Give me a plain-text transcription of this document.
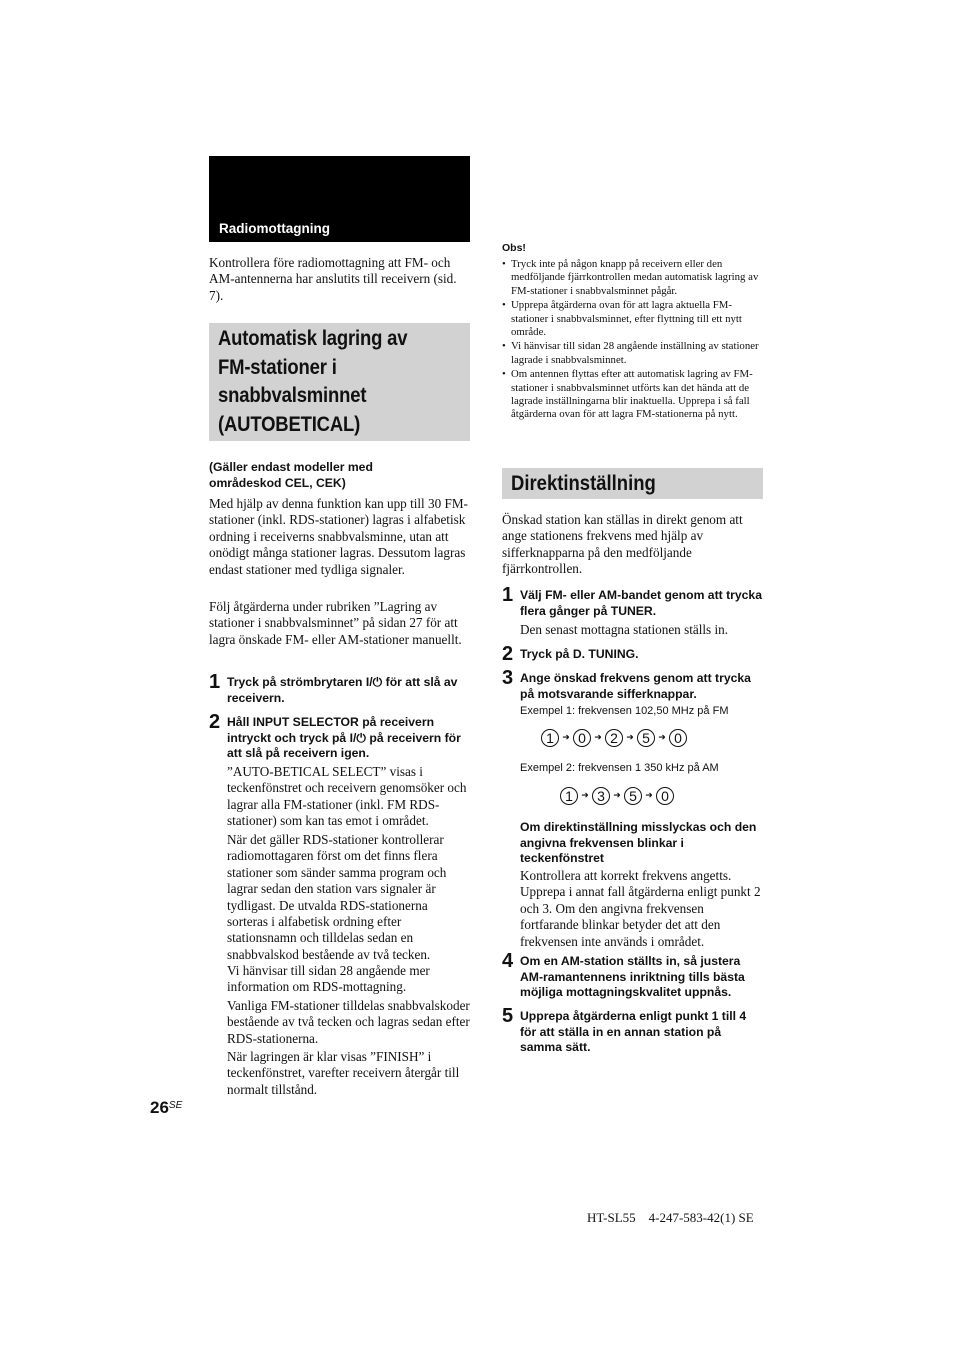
Radiomottagning

Kontrollera före radiomottagning att FM- och AM-antennerna har anslutits till receivern (sid. 7).

Automatisk lagring av
FM-stationer i
snabbvalsminnet
(AUTOBETICAL)
(Gäller endast modeller med
områdeskod CEL, CEK)

Med hjälp av denna funktion kan upp till 30 FM-stationer (inkl. RDS-stationer) lagras i alfabetisk ordning i receiverns snabbvalsminne, utan att onödigt många stationer lagras. Dessutom lagras endast stationer med tydliga signaler.

Följ åtgärderna under rubriken ”Lagring av stationer i snabbvalsminnet” på sidan 27 för att lagra önskade FM- eller AM-stationer manuellt.

1 Tryck på strömbrytaren I/⏻ för att slå av receivern.
2 Håll INPUT SELECTOR på receivern intryckt och tryck på I/⏻ på receivern för att slå på receivern igen.

”AUTO-BETICAL SELECT” visas i teckenfönstret och receivern genomsöker och lagrar alla FM-stationer (inkl. FM RDS-stationer) som kan tas emot i området.

När det gäller RDS-stationer kontrollerar radiomottagaren först om det finns flera stationer som sänder samma program och lagrar sedan den station vars signaler är tydligast. De utvalda RDS-stationerna sorteras i alfabetisk ordning efter stationsnamn och tilldelas sedan en snabbvalskod bestående av två tecken.

Vi hänvisar till sidan 28 angående mer information om RDS-mottagning.

Vanliga FM-stationer tilldelas snabbvalskoder bestående av två tecken och lagras sedan efter RDS-stationerna.

När lagringen är klar visas ”FINISH” i teckenfönstret, varefter receivern återgår till normalt tillstånd.

$26^{SE}$
Obs!
• Tryck inte på någon knapp på receivern eller den medföljande fjärrkontrollen medan automatisk lagring av FM-stationer i snabbvalsminnet pågår.
• Upprepa åtgärderna ovan för att lagra aktuella FM-stationer i snabbvalsminnet, efter flyttning till ett nytt område.
• Vi hänvisar till sidan 28 angående inställning av stationer lagrade i snabbvalsminnet.
• Om antennen flyttas efter att automatisk lagring av FM-stationer i snabbvalsminnet utförts kan det hända att de lagrade inställningarna blir inaktuella. Upprepa i så fall åtgärderna ovan för att lagra FM-stationerna på nytt.
Direktinställning

Önskad station kan ställas in direkt genom att ange stationens frekvens med hjälp av sifferknapparna på den medföljande fjärrkontrollen.

1 Välj FM- eller AM-bandet genom att trycka flera gånger på TUNER.

Den senast mottagna stationen ställs in.

2 Tryck på D. TUNING.
3 Ange önskad frekvens genom att trycka på motsvarande sifferknappar.
Exempel 1: frekvensen 102,50 MHz på FM
1 ➜ 0 ➜ 2 ➜ 5 ➜ 0
Exempel 2: frekvensen 1 350 kHz på AM
1 ➜ 3 ➜ 5 ➜ 0
Om direktinställning misslyckas och den angivna frekvensen blinkar i teckenfönstret

Kontrollera att korrekt frekvens angetts. Upprepa i annat fall åtgärderna enligt punkt 2 och 3. Om den angivna frekvensen fortfarande blinkar betyder det att den frekvensen inte används i området.

4 Om en AM-station ställts in, så justera AM-ramantennens inriktning tills bästa möjliga mottagningskvalitet uppnås.
5 Upprepa åtgärderna enligt punkt 1 till 4 för att ställa in en annan station på samma sätt.
HT-SL55    4-247-583-42(1) SE
